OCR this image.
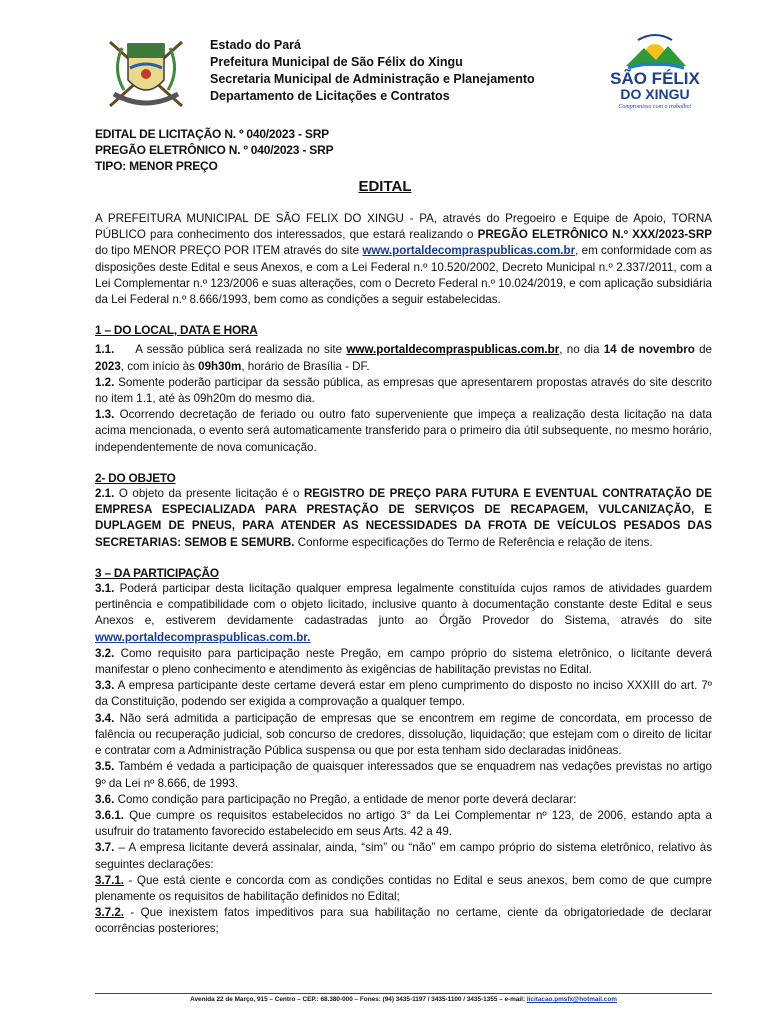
Estado do Pará
Prefeitura Municipal de São Félix do Xingu
Secretaria Municipal de Administração e Planejamento
Departamento de Licitações e Contratos
SÃO FÉLIX
DO XINGU
Compromisso com o trabalho!
EDITAL DE LICITAÇÃO N. º 040/2023 - SRP
PREGÃO ELETRÔNICO N. º 040/2023 - SRP
TIPO: MENOR PREÇO
EDITAL

A PREFEITURA MUNICIPAL DE SÃO FELIX DO XINGU - PA, através do Pregoeiro e Equipe de Apoio, TORNA PÚBLICO para conhecimento dos interessados, que estará realizando o PREGÃO ELETRÔNICO N.º XXX/2023-SRP do tipo MENOR PREÇO POR ITEM através do site www.portaldecompraspublicas.com.br, em conformidade com as disposições deste Edital e seus Anexos, e com a Lei Federal n.º 10.520/2002, Decreto Municipal n.º 2.337/2011, com a Lei Complementar n.º 123/2006 e suas alterações, com o Decreto Federal n.º 10.024/2019, e com aplicação subsidiária da Lei Federal n.º 8.666/1993, bem como as condições a seguir estabelecidas.

1 – DO LOCAL, DATA E HORA

1.1.     A sessão pública será realizada no site www.portaldecompraspublicas.com.br, no dia 14 de novembro de 2023, com início às 09h30m, horário de Brasília - DF.

1.2. Somente poderão participar da sessão pública, as empresas que apresentarem propostas através do site descrito no item 1.1, até às 09h20m do mesmo dia.

1.3. Ocorrendo decretação de feriado ou outro fato superveniente que impeça a realização desta licitação na data acima mencionada, o evento será automaticamente transferido para o primeiro dia útil subsequente, no mesmo horário, independentemente de nova comunicação.

2- DO OBJETO

2.1. O objeto da presente licitação é o REGISTRO DE PREÇO PARA FUTURA E EVENTUAL CONTRATAÇÃO DE EMPRESA ESPECIALIZADA PARA PRESTAÇÃO DE SERVIÇOS DE RECAPAGEM, VULCANIZAÇÃO, E DUPLAGEM DE PNEUS, PARA ATENDER AS NECESSIDADES DA FROTA DE VEÍCULOS PESADOS DAS SECRETARIAS: SEMOB E SEMURB. Conforme especificações do Termo de Referência e relação de itens.

3 – DA PARTICIPAÇÃO

3.1. Poderá participar desta licitação qualquer empresa legalmente constituída cujos ramos de atividades guardem pertinência e compatibilidade com o objeto licitado, inclusive quanto à documentação constante deste Edital e seus Anexos e, estiverem devidamente cadastradas junto ao Órgão Provedor do Sistema, através do site www.portaldecompraspublicas.com.br.

3.2. Como requisito para participação neste Pregão, em campo próprio do sistema eletrônico, o licitante deverá manifestar o pleno conhecimento e atendimento às exigências de habilitação previstas no Edital.

3.3. A empresa participante deste certame deverá estar em pleno cumprimento do disposto no inciso XXXIII do art. 7º da Constituição, podendo ser exigida a comprovação a qualquer tempo.

3.4. Não será admitida a participação de empresas que se encontrem em regime de concordata, em processo de falência ou recuperação judicial, sob concurso de credores, dissolução, liquidação; que estejam com o direito de licitar e contratar com a Administração Pública suspensa ou que por esta tenham sido declaradas inidôneas.

3.5. Também é vedada a participação de quaisquer interessados que se enquadrem nas vedações previstas no artigo 9º da Lei nº 8.666, de 1993.

3.6. Como condição para participação no Pregão, a entidade de menor porte deverá declarar:

3.6.1. Que cumpre os requisitos estabelecidos no artigo 3° da Lei Complementar nº 123, de 2006, estando apta a usufruir do tratamento favorecido estabelecido em seus Arts. 42 a 49.

3.7. – A empresa licitante deverá assinalar, ainda, “sim” ou “não” em campo próprio do sistema eletrônico, relativo às seguintes declarações:

3.7.1. - Que está ciente e concorda com as condições contidas no Edital e seus anexos, bem como de que cumpre plenamente os requisitos de habilitação definidos no Edital;

3.7.2. - Que inexistem fatos impeditivos para sua habilitação no certame, ciente da obrigatoriedade de declarar ocorrências posteriores;

Avenida 22 de Março, 915 – Centro – CEP.: 68.380-000 – Fones: (94) 3435-1197 / 3435-1100 / 3435-1355 – e-mail: licitacao.pmsfx@hotmail.com
